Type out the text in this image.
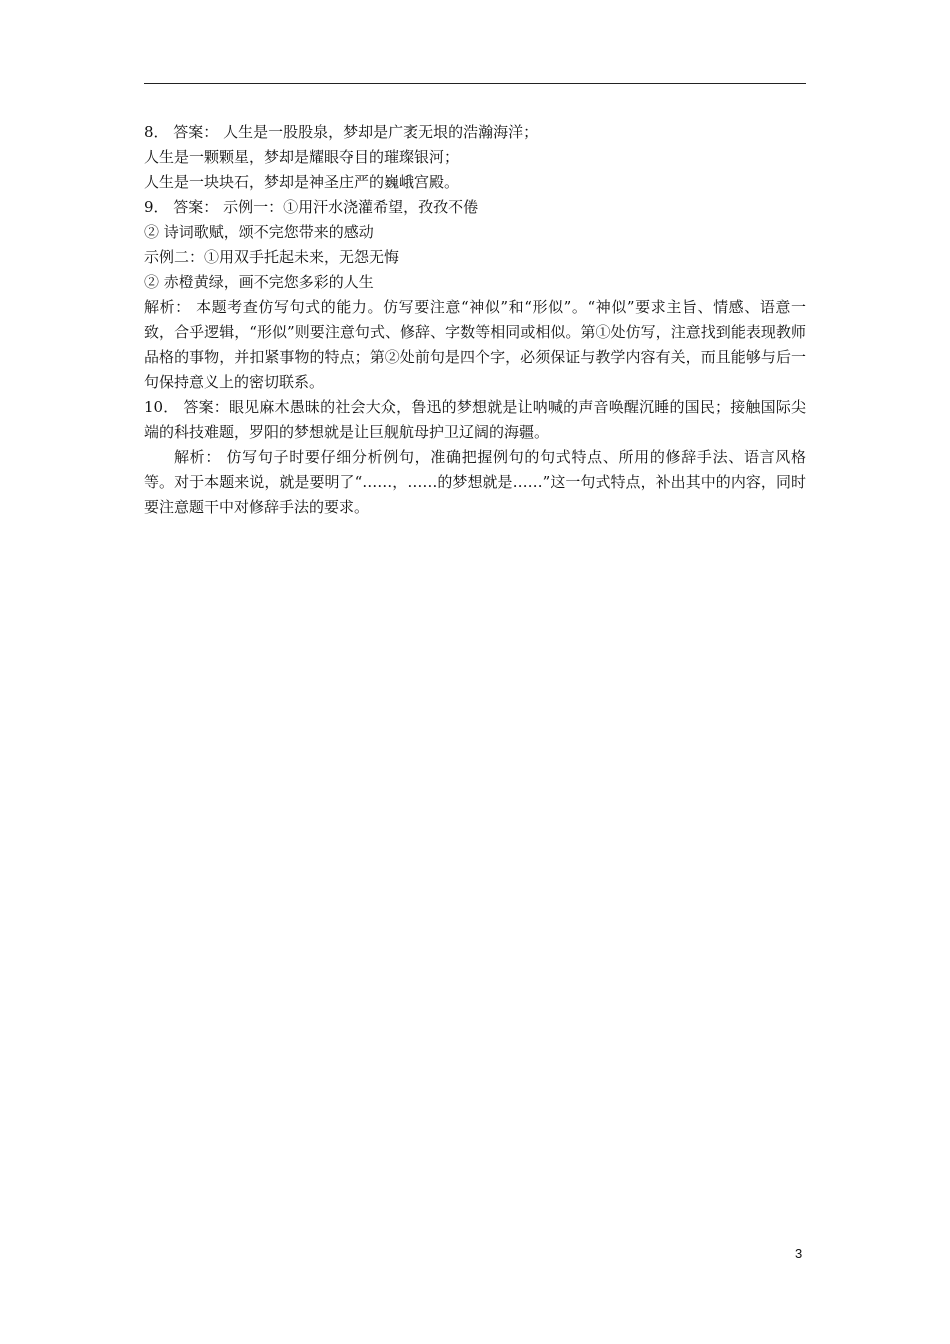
8． 答案： 人生是一股股泉，梦却是广袤无垠的浩瀚海洋；
人生是一颗颗星，梦却是耀眼夺目的璀璨银河；
人生是一块块石，梦却是神圣庄严的巍峨宫殿。
9． 答案： 示例一：①用汗水浇灌希望，孜孜不倦
② 诗词歌赋，颂不完您带来的感动
示例二：①用双手托起未来，无怨无悔
② 赤橙黄绿，画不完您多彩的人生
解析： 本题考查仿写句式的能力。仿写要注意“神似”和“形似”。“神似”要求主旨、情感、语意一致，合乎逻辑，“形似”则要注意句式、修辞、字数等相同或相似。第①处仿写，注意找到能表现教师品格的事物，并扣紧事物的特点；第②处前句是四个字，必须保证与教学内容有关，而且能够与后一句保持意义上的密切联系。
10． 答案：眼见麻木愚昧的社会大众，鲁迅的梦想就是让呐喊的声音唤醒沉睡的国民；接触国际尖端的科技难题，罗阳的梦想就是让巨舰航母护卫辽阔的海疆。
解析： 仿写句子时要仔细分析例句，准确把握例句的句式特点、所用的修辞手法、语言风格等。对于本题来说，就是要明了“……，……的梦想就是……”这一句式特点，补出其中的内容，同时要注意题干中对修辞手法的要求。
3
